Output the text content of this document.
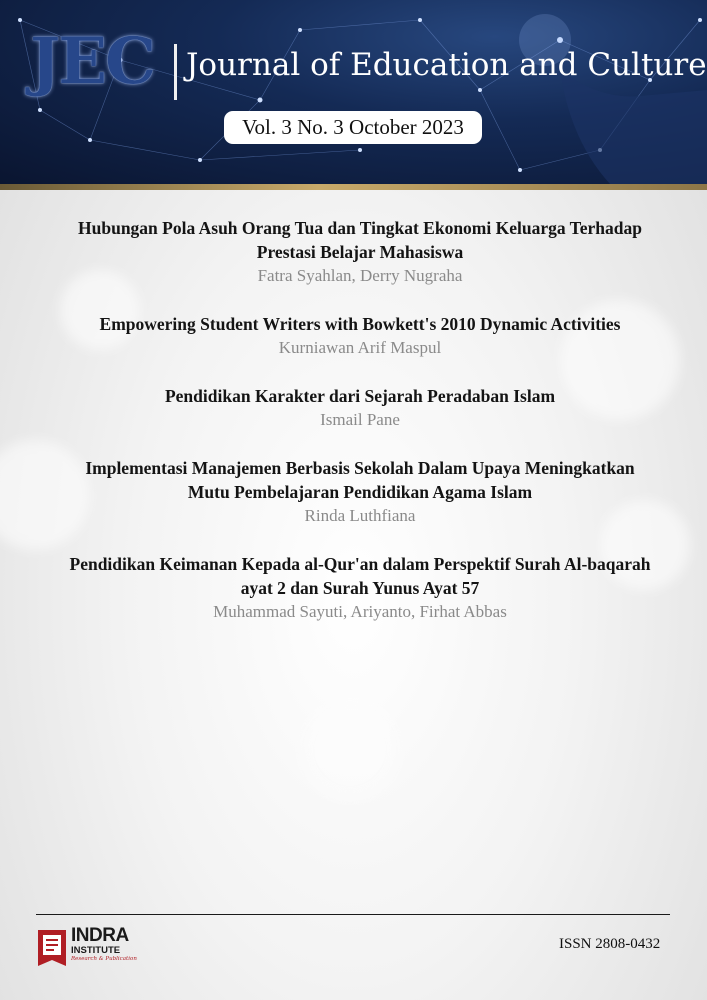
JEC Journal of Education and Culture
Vol. 3 No. 3 October 2023
Hubungan Pola Asuh Orang Tua dan Tingkat Ekonomi Keluarga Terhadap
Prestasi Belajar Mahasiswa
Fatra Syahlan, Derry Nugraha
Empowering Student Writers with Bowkett's 2010 Dynamic Activities
Kurniawan Arif Maspul
Pendidikan Karakter dari Sejarah Peradaban Islam
Ismail Pane
Implementasi Manajemen Berbasis Sekolah Dalam Upaya Meningkatkan
Mutu Pembelajaran Pendidikan Agama Islam
Rinda Luthfiana
Pendidikan Keimanan Kepada al-Qur'an dalam Perspektif Surah Al-baqarah
ayat 2 dan Surah Yunus Ayat 57
Muhammad Sayuti, Ariyanto, Firhat Abbas
INDRA
INSTITUTE
Research & Publication
ISSN 2808-0432
